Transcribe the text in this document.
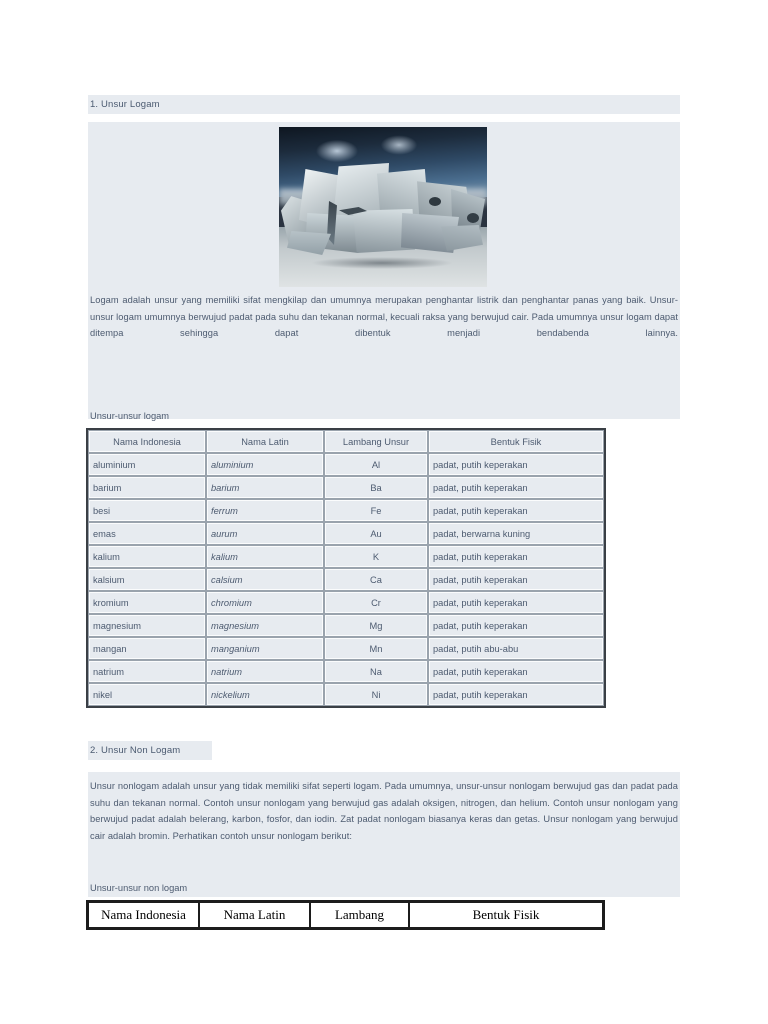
1. Unsur Logam
Logam adalah unsur yang memiliki sifat mengkilap dan umumnya merupakan penghantar listrik dan penghantar panas yang baik. Unsur-unsur logam umumnya berwujud padat pada suhu dan tekanan normal, kecuali raksa yang berwujud cair. Pada umumnya unsur logam dapat ditempa sehingga dapat dibentuk menjadi bendabenda lainnya.
Unsur-unsur logam
Nama Indonesia	Nama Latin	Lambang Unsur	Bentuk Fisik
aluminium	aluminium	Al	padat, putih keperakan
barium	barium	Ba	padat, putih keperakan
besi	ferrum	Fe	padat, putih keperakan
emas	aurum	Au	padat, berwarna kuning
kalium	kalium	K	padat, putih keperakan
kalsium	calsium	Ca	padat, putih keperakan
kromium	chromium	Cr	padat, putih keperakan
magnesium	magnesium	Mg	padat, putih keperakan
mangan	manganium	Mn	padat, putih abu-abu
natrium	natrium	Na	padat, putih keperakan
nikel	nickelium	Ni	padat, putih keperakan
2. Unsur Non Logam
Unsur nonlogam adalah unsur yang tidak memiliki sifat seperti logam. Pada umumnya, unsur-unsur nonlogam berwujud gas dan padat pada suhu dan tekanan normal. Contoh unsur nonlogam yang berwujud gas adalah oksigen, nitrogen, dan helium. Contoh unsur nonlogam yang berwujud padat adalah belerang, karbon, fosfor, dan iodin. Zat padat nonlogam biasanya keras dan getas. Unsur nonlogam yang berwujud cair adalah bromin. Perhatikan contoh unsur nonlogam berikut:
Unsur-unsur non logam
Nama Indonesia	Nama Latin	Lambang	Bentuk Fisik
